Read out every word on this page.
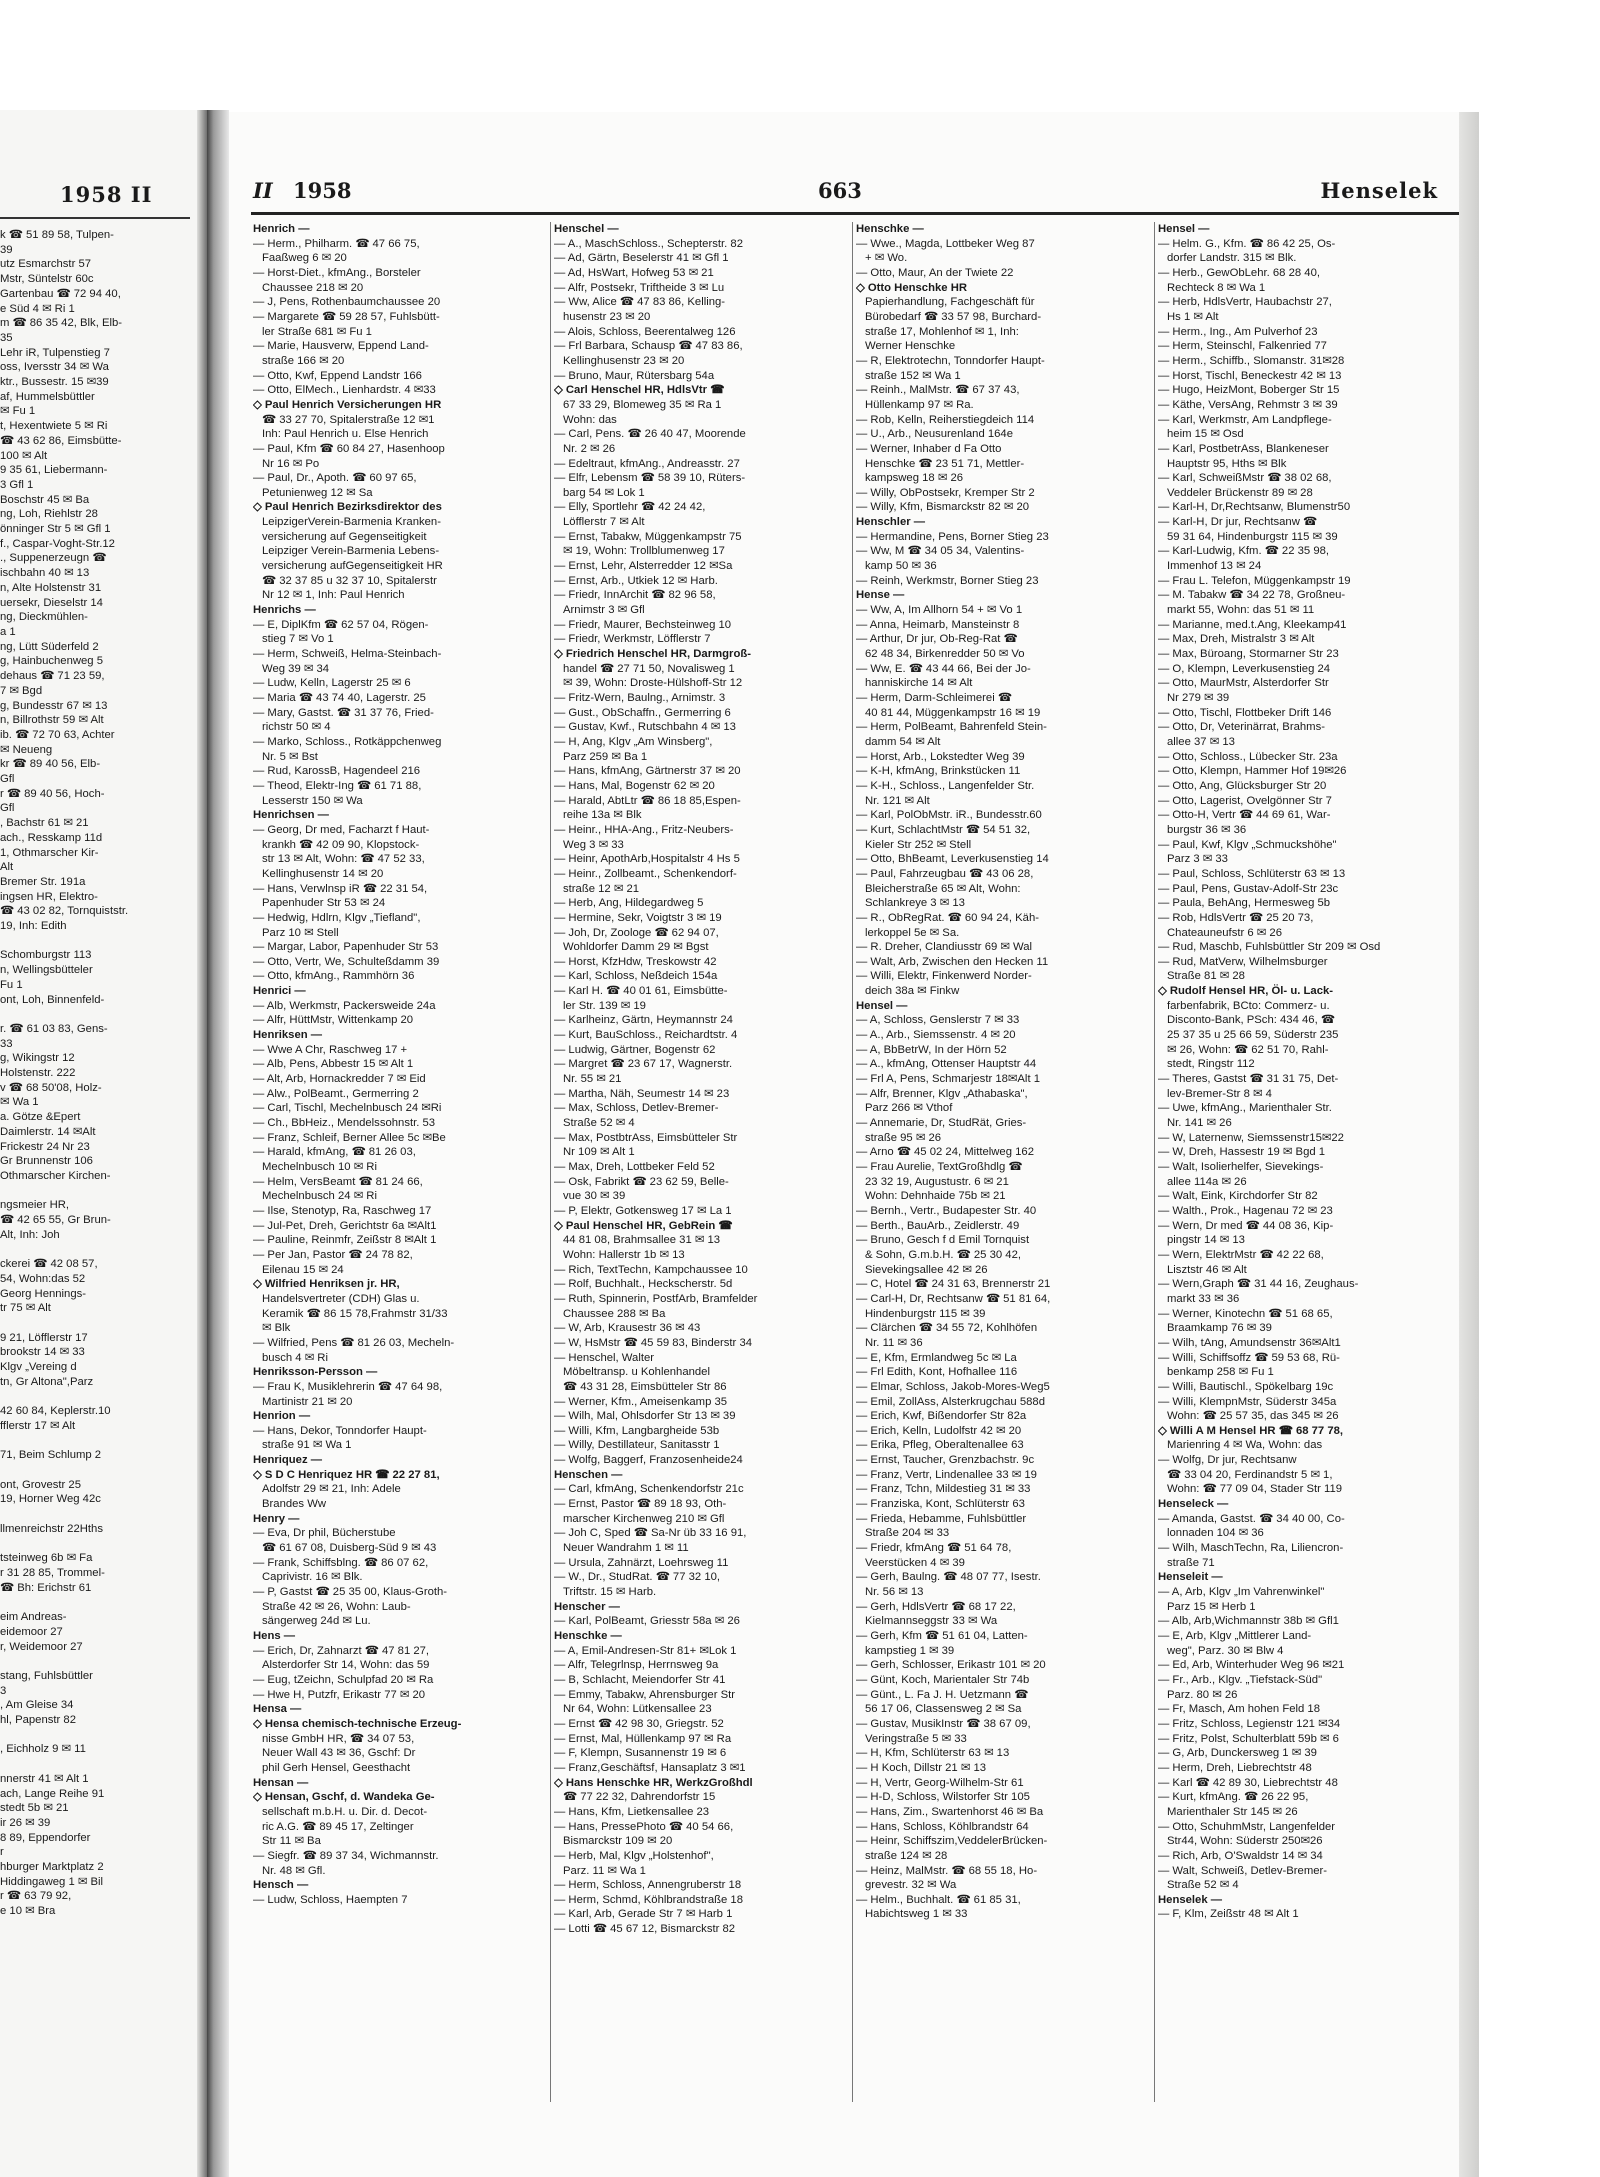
1958 II
k ☎ 51 89 58, Tulpen-
39
utz Esmarchstr 57
Mstr, Süntelstr 60c
Gartenbau ☎ 72 94 40,
e Süd 4 ✉ Ri 1
m ☎ 86 35 42, Blk, Elb-
35
Lehr iR, Tulpenstieg 7
oss, Iversstr 34 ✉ Wa
ktr., Bussestr. 15 ✉39
af, Hummelsbüttler
✉ Fu 1
t, Hexentwiete 5 ✉ Ri
☎ 43 62 86, Eimsbütte-
100 ✉ Alt
9 35 61, Liebermann-
3 Gfl 1
Boschstr 45 ✉ Ba
ng, Loh, Riehlstr 28
önninger Str 5 ✉ Gfl 1
f., Caspar-Voght-Str.12
., Suppenerzeugn ☎
ischbahn 40 ✉ 13
n, Alte Holstenstr 31
uersekr, Dieselstr 14
ng, Dieckmühlen-
a 1
ng, Lütt Süderfeld 2
g, Hainbuchenweg 5
dehaus ☎ 71 23 59,
7 ✉ Bgd
g, Bundesstr 67 ✉ 13
n, Billrothstr 59 ✉ Alt
ib. ☎ 72 70 63, Achter
✉ Neueng
kr ☎ 89 40 56, Elb-
Gfl
r ☎ 89 40 56, Hoch-
Gfl
, Bachstr 61 ✉ 21
ach., Resskamp 11d
1, Othmarscher Kir-
Alt
Bremer Str. 191a
ingsen HR, Elektro-
☎ 43 02 82, Tornquiststr.
19, Inh: Edith

Schomburgstr 113
n, Wellingsbütteler
Fu 1
ont, Loh, Binnenfeld-

r. ☎ 61 03 83, Gens-
33
g, Wikingstr 12
Holstenstr. 222
v ☎ 68 50'08, Holz-
✉ Wa 1
a. Götze &Epert
Daimlerstr. 14 ✉Alt
Frickestr 24 Nr 23
Gr Brunnenstr 106
Othmarscher Kirchen-

ngsmeier HR,
☎ 42 65 55, Gr Brun-
Alt, Inh: Joh

ckerei ☎ 42 08 57,
54, Wohn:das 52
Georg Hennings-
tr 75 ✉ Alt

9 21, Löfflerstr 17
brookstr 14 ✉ 33
Klgv „Vereing d
tn, Gr Altona",Parz

42 60 84, Keplerstr.10
fflerstr 17 ✉ Alt

71, Beim Schlump 2

ont, Grovestr 25
19, Horner Weg 42c

llmenreichstr 22Hths

tsteinweg 6b ✉ Fa
r 31 28 85, Trommel-
☎ Bh: Erichstr 61

eim Andreas-
eidemoor 27
r, Weidemoor 27

stang, Fuhlsbüttler
3
, Am Gleise 34
hl, Papenstr 82

, Eichholz 9 ✉ 11

nnerstr 41 ✉ Alt 1
ach, Lange Reihe 91
stedt 5b ✉ 21
ir 26 ✉ 39
8 89, Eppendorfer
r
hburger Marktplatz 2
Hiddingaweg 1 ✉ Bil
r ☎ 63 79 92,
e 10 ✉ Bra
II 1958	663	Henselek
Henrich —
— Herm., Philharm. ☎ 47 66 75,
Faaßweg 6 ✉ 20
— Horst-Diet., kfmAng., Borsteler
Chaussee 218 ✉ 20
— J, Pens, Rothenbaumchaussee 20
— Margarete ☎ 59 28 57, Fuhlsbütt-
ler Straße 681 ✉ Fu 1
— Marie, Hausverw, Eppend Land-
straße 166 ✉ 20
— Otto, Kwf, Eppend Landstr 166
— Otto, ElMech., Lienhardstr. 4 ✉33
◇ Paul Henrich Versicherungen HR
☎ 33 27 70, Spitalerstraße 12 ✉1
Inh: Paul Henrich u. Else Henrich
— Paul, Kfm ☎ 60 84 27, Hasenhoop
Nr 16 ✉ Po
— Paul, Dr., Apoth. ☎ 60 97 65,
Petunienweg 12 ✉ Sa
◇ Paul Henrich Bezirksdirektor des
LeipzigerVerein-Barmenia Kranken-
versicherung auf Gegenseitigkeit
Leipziger Verein-Barmenia Lebens-
versicherung aufGegenseitigkeit HR
☎ 32 37 85 u 32 37 10, Spitalerstr
Nr 12 ✉ 1, Inh: Paul Henrich
Henrichs —
— E, DiplKfm ☎ 62 57 04, Rögen-
stieg 7 ✉ Vo 1
— Herm, Schweiß, Helma-Steinbach-
Weg 39 ✉ 34
— Ludw, Kelln, Lagerstr 25 ✉ 6
— Maria ☎ 43 74 40, Lagerstr. 25
— Mary, Gastst. ☎ 31 37 76, Fried-
richstr 50 ✉ 4
— Marko, Schloss., Rotkäppchenweg
Nr. 5 ✉ Bst
— Rud, KarossB, Hagendeel 216
— Theod, Elektr-Ing ☎ 61 71 88,
Lesserstr 150 ✉ Wa
Henrichsen —
— Georg, Dr med, Facharzt f Haut-
krankh ☎ 42 09 90, Klopstock-
str 13 ✉ Alt, Wohn: ☎ 47 52 33,
Kellinghusenstr 14 ✉ 20
— Hans, Verwlnsp iR ☎ 22 31 54,
Papenhuder Str 53 ✉ 24
— Hedwig, Hdlrn, Klgv „Tiefland",
Parz 10 ✉ Stell
— Margar, Labor, Papenhuder Str 53
— Otto, Vertr, We, Schulteßdamm 39
— Otto, kfmAng., Rammhörn 36
Henrici —
— Alb, Werkmstr, Packersweide 24a
— Alfr, HüttMstr, Wittenkamp 20
Henriksen —
— Wwe A Chr, Raschweg 17 +
— Alb, Pens, Abbestr 15 ✉ Alt 1
— Alt, Arb, Hornackredder 7 ✉ Eid
— Alw., PolBeamt., Germerring 2
— Carl, Tischl, Mechelnbusch 24 ✉Ri
— Ch., BbHeiz., Mendelssohnstr. 53
— Franz, Schleif, Berner Allee 5c ✉Be
— Harald, kfmAng, ☎ 81 26 03,
Mechelnbusch 10 ✉ Ri
— Helm, VersBeamt ☎ 81 24 66,
Mechelnbusch 24 ✉ Ri
— Ilse, Stenotyp, Ra, Raschweg 17
— Jul-Pet, Dreh, Gerichtstr 6a ✉Alt1
— Pauline, Reinmfr, Zeißstr 8 ✉Alt 1
— Per Jan, Pastor ☎ 24 78 82,
Eilenau 15 ✉ 24
◇ Wilfried Henriksen jr. HR,
Handelsvertreter (CDH) Glas u.
Keramik ☎ 86 15 78,Frahmstr 31/33
✉ Blk
— Wilfried, Pens ☎ 81 26 03, Mecheln-
busch 4 ✉ Ri
Henriksson-Persson —
— Frau K, Musiklehrerin ☎ 47 64 98,
Martinistr 21 ✉ 20
Henrion —
— Hans, Dekor, Tonndorfer Haupt-
straße 91 ✉ Wa 1
Henriquez —
◇ S D C Henriquez HR ☎ 22 27 81,
Adolfstr 29 ✉ 21, Inh: Adele
Brandes Ww
Henry —
— Eva, Dr phil, Bücherstube
☎ 61 67 08, Duisberg-Süd 9 ✉ 43
— Frank, Schiffsblng. ☎ 86 07 62,
Caprivistr. 16 ✉ Blk.
— P, Gastst ☎ 25 35 00, Klaus-Groth-
Straße 42 ✉ 26, Wohn: Laub-
sängerweg 24d ✉ Lu.
Hens —
— Erich, Dr, Zahnarzt ☎ 47 81 27,
Alsterdorfer Str 14, Wohn: das 59
— Eug, tZeichn, Schulpfad 20 ✉ Ra
— Hwe H, Putzfr, Erikastr 77 ✉ 20
Hensa —
◇ Hensa chemisch-technische Erzeug-
nisse GmbH HR, ☎ 34 07 53,
Neuer Wall 43 ✉ 36, Gschf: Dr
phil Gerh Hensel, Geesthacht
Hensan —
◇ Hensan, Gschf, d. Wandeka Ge-
sellschaft m.b.H. u. Dir. d. Decot-
ric A.G. ☎ 89 45 17, Zeltinger
Str 11 ✉ Ba
— Siegfr. ☎ 89 37 34, Wichmannstr.
Nr. 48 ✉ Gfl.
Hensch —
— Ludw, Schloss, Haempten 7
Henschel —
— A., MaschSchloss., Schepterstr. 82
— Ad, Gärtn, Beselerstr 41 ✉ Gfl 1
— Ad, HsWart, Hofweg 53 ✉ 21
— Alfr, Postsekr, Triftheide 3 ✉ Lu
— Ww, Alice ☎ 47 83 86, Kelling-
husenstr 23 ✉ 20
— Alois, Schloss, Beerentalweg 126
— Frl Barbara, Schausp ☎ 47 83 86,
Kellinghusenstr 23 ✉ 20
— Bruno, Maur, Rütersbarg 54a
◇ Carl Henschel HR, HdlsVtr ☎
67 33 29, Blomeweg 35 ✉ Ra 1
Wohn: das
— Carl, Pens. ☎ 26 40 47, Moorende
Nr. 2 ✉ 26
— Edeltraut, kfmAng., Andreasstr. 27
— Elfr, Lebensm ☎ 58 39 10, Rüters-
barg 54 ✉ Lok 1
— Elly, Sportlehr ☎ 42 24 42,
Löfflerstr 7 ✉ Alt
— Ernst, Tabakw, Müggenkampstr 75
✉ 19, Wohn: Trollblumenweg 17
— Ernst, Lehr, Alsterredder 12 ✉Sa
— Ernst, Arb., Utkiek 12 ✉ Harb.
— Friedr, InnArchit ☎ 82 96 58,
Arnimstr 3 ✉ Gfl
— Friedr, Maurer, Bechsteinweg 10
— Friedr, Werkmstr, Löfflerstr 7
◇ Friedrich Henschel HR, Darmgroß-
handel ☎ 27 71 50, Novalisweg 1
✉ 39, Wohn: Droste-Hülshoff-Str 12
— Fritz-Wern, Baulng., Arnimstr. 3
— Gust., ObSchaffn., Germerring 6
— Gustav, Kwf., Rutschbahn 4 ✉ 13
— H, Ang, Klgv „Am Winsberg",
Parz 259 ✉ Ba 1
— Hans, kfmAng, Gärtnerstr 37 ✉ 20
— Hans, Mal, Bogenstr 62 ✉ 20
— Harald, AbtLtr ☎ 86 18 85,Espen-
reihe 13a ✉ Blk
— Heinr., HHA-Ang., Fritz-Neubers-
Weg 3 ✉ 33
— Heinr, ApothArb,Hospitalstr 4 Hs 5
— Heinr., Zollbeamt., Schenkendorf-
straße 12 ✉ 21
— Herb, Ang, Hildegardweg 5
— Hermine, Sekr, Voigtstr 3 ✉ 19
— Joh, Dr, Zoologe ☎ 62 94 07,
Wohldorfer Damm 29 ✉ Bgst
— Horst, KfzHdw, Treskowstr 42
— Karl, Schloss, Neßdeich 154a
— Karl H. ☎ 40 01 61, Eimsbütte-
ler Str. 139 ✉ 19
— Karlheinz, Gärtn, Heymannstr 24
— Kurt, BauSchloss., Reichardtstr. 4
— Ludwig, Gärtner, Bogenstr 62
— Margret ☎ 23 67 17, Wagnerstr.
Nr. 55 ✉ 21
— Martha, Näh, Seumestr 14 ✉ 23
— Max, Schloss, Detlev-Bremer-
Straße 52 ✉ 4
— Max, PostbtrAss, Eimsbütteler Str
Nr 109 ✉ Alt 1
— Max, Dreh, Lottbeker Feld 52
— Osk, Fabrikt ☎ 23 62 59, Belle-
vue 30 ✉ 39
— P, Elektr, Gotkensweg 17 ✉ La 1
◇ Paul Henschel HR, GebRein ☎
44 81 08, Brahmsallee 31 ✉ 13
Wohn: Hallerstr 1b ✉ 13
— Rich, TextTechn, Kampchaussee 10
— Rolf, Buchhalt., Heckscherstr. 5d
— Ruth, Spinnerin, PostfArb, Bramfelder
Chaussee 288 ✉ Ba
— W, Arb, Krausestr 36 ✉ 43
— W, HsMstr ☎ 45 59 83, Binderstr 34
— Henschel, Walter
Möbeltransp. u Kohlenhandel
☎ 43 31 28, Eimsbütteler Str 86
— Werner, Kfm., Ameisenkamp 35
— Wilh, Mal, Ohlsdorfer Str 13 ✉ 39
— Willi, Kfm, Langbargheide 53b
— Willy, Destillateur, Sanitasstr 1
— Wolfg, Baggerf, Franzosenheide24
Henschen —
— Carl, kfmAng, Schenkendorfstr 21c
— Ernst, Pastor ☎ 89 18 93, Oth-
marscher Kirchenweg 210 ✉ Gfl
— Joh C, Sped ☎ Sa-Nr üb 33 16 91,
Neuer Wandrahm 1 ✉ 11
— Ursula, Zahnärzt, Loehrsweg 11
— W., Dr., StudRat. ☎ 77 32 10,
Triftstr. 15 ✉ Harb.
Henscher —
— Karl, PolBeamt, Griesstr 58a ✉ 26
Henschke —
— A, Emil-Andresen-Str 81+ ✉Lok 1
— Alfr, Telegrlnsp, Herrnsweg 9a
— B, Schlacht, Meiendorfer Str 41
— Emmy, Tabakw, Ahrensburger Str
Nr 64, Wohn: Lütkensallee 23
— Ernst ☎ 42 98 30, Griegstr. 52
— Ernst, Mal, Hüllenkamp 97 ✉ Ra
— F, Klempn, Susannenstr 19 ✉ 6
— Franz,Geschäftsf, Hansaplatz 3 ✉1
◇ Hans Henschke HR, WerkzGroßhdl
☎ 77 22 32, Dahrendorfstr 15
— Hans, Kfm, Lietkensallee 23
— Hans, PressePhoto ☎ 40 54 66,
Bismarckstr 109 ✉ 20
— Herb, Mal, Klgv „Holstenhof",
Parz. 11 ✉ Wa 1
— Herm, Schloss, Annengruberstr 18
— Herm, Schmd, Köhlbrandstraße 18
— Karl, Arb, Gerade Str 7 ✉ Harb 1
— Lotti ☎ 45 67 12, Bismarckstr 82
Henschke —
— Wwe., Magda, Lottbeker Weg 87
+ ✉ Wo.
— Otto, Maur, An der Twiete 22
◇ Otto Henschke HR
Papierhandlung, Fachgeschäft für
Bürobedarf ☎ 33 57 98, Burchard-
straße 17, Mohlenhof ✉ 1, Inh:
Werner Henschke
— R, Elektrotechn, Tonndorfer Haupt-
straße 152 ✉ Wa 1
— Reinh., MalMstr. ☎ 67 37 43,
Hüllenkamp 97 ✉ Ra.
— Rob, Kelln, Reiherstiegdeich 114
— U., Arb., Neusurenland 164e
— Werner, Inhaber d Fa Otto
Henschke ☎ 23 51 71, Mettler-
kampsweg 18 ✉ 26
— Willy, ObPostsekr, Kremper Str 2
— Willy, Kfm, Bismarckstr 82 ✉ 20
Henschler —
— Hermandine, Pens, Borner Stieg 23
— Ww, M ☎ 34 05 34, Valentins-
kamp 50 ✉ 36
— Reinh, Werkmstr, Borner Stieg 23
Hense —
— Ww, A, Im Allhorn 54 + ✉ Vo 1
— Anna, Heimarb, Mansteinstr 8
— Arthur, Dr jur, Ob-Reg-Rat ☎
62 48 34, Birkenredder 50 ✉ Vo
— Ww, E. ☎ 43 44 66, Bei der Jo-
hanniskirche 14 ✉ Alt
— Herm, Darm-Schleimerei ☎
40 81 44, Müggenkampstr 16 ✉ 19
— Herm, PolBeamt, Bahrenfeld Stein-
damm 54 ✉ Alt
— Horst, Arb., Lokstedter Weg 39
— K-H, kfmAng, Brinkstücken 11
— K-H., Schloss., Langenfelder Str.
Nr. 121 ✉ Alt
— Karl, PolObMstr. iR., Bundesstr.60
— Kurt, SchlachtMstr ☎ 54 51 32,
Kieler Str 252 ✉ Stell
— Otto, BhBeamt, Leverkusenstieg 14
— Paul, Fahrzeugbau ☎ 43 06 28,
Bleicherstraße 65 ✉ Alt, Wohn:
Schlankreye 3 ✉ 13
— R., ObRegRat. ☎ 60 94 24, Käh-
lerkoppel 5e ✉ Sa.
— R. Dreher, Clandiusstr 69 ✉ Wal
— Walt, Arb, Zwischen den Hecken 11
— Willi, Elektr, Finkenwerd Norder-
deich 38a ✉ Finkw
Hensel —
— A, Schloss, Genslerstr 7 ✉ 33
— A., Arb., Siemssenstr. 4 ✉ 20
— A, BbBetrW, In der Hörn 52
— A., kfmAng, Ottenser Hauptstr 44
— Frl A, Pens, Schmarjestr 18✉Alt 1
— Alfr, Brenner, Klgv „Athabaska",
Parz 266 ✉ Vthof
— Annemarie, Dr, StudRät, Gries-
straße 95 ✉ 26
— Arno ☎ 45 02 24, Mittelweg 162
— Frau Aurelie, TextGroßhdlg ☎
23 32 19, Augustustr. 6 ✉ 21
Wohn: Dehnhaide 75b ✉ 21
— Bernh., Vertr., Budapester Str. 40
— Berth., BauArb., Zeidlerstr. 49
— Bruno, Gesch f d Emil Tornquist
& Sohn, G.m.b.H. ☎ 25 30 42,
Sievekingsallee 42 ✉ 26
— C, Hotel ☎ 24 31 63, Brennerstr 21
— Carl-H, Dr, Rechtsanw ☎ 51 81 64,
Hindenburgstr 115 ✉ 39
— Clärchen ☎ 34 55 72, Kohlhöfen
Nr. 11 ✉ 36
— E, Kfm, Ermlandweg 5c ✉ La
— Frl Edith, Kont, Hofhallee 116
— Elmar, Schloss, Jakob-Mores-Weg5
— Emil, ZollAss, Alsterkrugchau 588d
— Erich, Kwf, Bißendorfer Str 82a
— Erich, Kelln, Ludolfstr 42 ✉ 20
— Erika, Pfleg, Oberaltenallee 63
— Ernst, Taucher, Grenzbachstr. 9c
— Franz, Vertr, Lindenallee 33 ✉ 19
— Franz, Tchn, Mildestieg 31 ✉ 33
— Franziska, Kont, Schlüterstr 63
— Frieda, Hebamme, Fuhlsbüttler
Straße 204 ✉ 33
— Friedr, kfmAng ☎ 51 64 78,
Veerstücken 4 ✉ 39
— Gerh, Baulng. ☎ 48 07 77, Isestr.
Nr. 56 ✉ 13
— Gerh, HdlsVertr ☎ 68 17 22,
Kielmannseggstr 33 ✉ Wa
— Gerh, Kfm ☎ 51 61 04, Latten-
kampstieg 1 ✉ 39
— Gerh, Schlosser, Erikastr 101 ✉ 20
— Günt, Koch, Marientaler Str 74b
— Günt., L. Fa J. H. Uetzmann ☎
56 17 06, Classensweg 2 ✉ Sa
— Gustav, MusikInstr ☎ 38 67 09,
Veringstraße 5 ✉ 33
— H, Kfm, Schlüterstr 63 ✉ 13
— H Koch, Dillstr 21 ✉ 13
— H, Vertr, Georg-Wilhelm-Str 61
— H-D, Schloss, Wilstorfer Str 105
— Hans, Zim., Swartenhorst 46 ✉ Ba
— Hans, Schloss, Köhlbrandstr 64
— Heinr, Schiffszim,VeddelerBrücken-
straße 124 ✉ 28
— Heinz, MalMstr. ☎ 68 55 18, Ho-
grevestr. 32 ✉ Wa
— Helm., Buchhalt. ☎ 61 85 31,
Habichtsweg 1 ✉ 33
Hensel —
— Helm. G., Kfm. ☎ 86 42 25, Os-
dorfer Landstr. 315 ✉ Blk.
— Herb., GewObLehr. 68 28 40,
Rechteck 8 ✉ Wa 1
— Herb, HdlsVertr, Haubachstr 27,
Hs 1 ✉ Alt
— Herm., Ing., Am Pulverhof 23
— Herm, Steinschl, Falkenried 77
— Herm., Schiffb., Slomanstr. 31✉28
— Horst, Tischl, Beneckestr 42 ✉ 13
— Hugo, HeizMont, Boberger Str 15
— Käthe, VersAng, Rehmstr 3 ✉ 39
— Karl, Werkmstr, Am Landpflege-
heim 15 ✉ Osd
— Karl, PostbetrAss, Blankeneser
Hauptstr 95, Hths ✉ Blk
— Karl, SchweißMstr ☎ 38 02 68,
Veddeler Brückenstr 89 ✉ 28
— Karl-H, Dr,Rechtsanw, Blumenstr50
— Karl-H, Dr jur, Rechtsanw ☎
59 31 64, Hindenburgstr 115 ✉ 39
— Karl-Ludwig, Kfm. ☎ 22 35 98,
Immenhof 13 ✉ 24
— Frau L. Telefon, Müggenkampstr 19
— M. Tabakw ☎ 34 22 78, Großneu-
markt 55, Wohn: das 51 ✉ 11
— Marianne, med.t.Ang, Kleekamp41
— Max, Dreh, Mistralstr 3 ✉ Alt
— Max, Büroang, Stormarner Str 23
— O, Klempn, Leverkusenstieg 24
— Otto, MaurMstr, Alsterdorfer Str
Nr 279 ✉ 39
— Otto, Tischl, Flottbeker Drift 146
— Otto, Dr, Veterinärrat, Brahms-
allee 37 ✉ 13
— Otto, Schloss., Lübecker Str. 23a
— Otto, Klempn, Hammer Hof 19✉26
— Otto, Ang, Glücksburger Str 20
— Otto, Lagerist, Ovelgönner Str 7
— Otto-H, Vertr ☎ 44 69 61, War-
burgstr 36 ✉ 36
— Paul, Kwf, Klgv „Schmuckshöhe"
Parz 3 ✉ 33
— Paul, Schloss, Schlüterstr 63 ✉ 13
— Paul, Pens, Gustav-Adolf-Str 23c
— Paula, BehAng, Hermesweg 5b
— Rob, HdlsVertr ☎ 25 20 73,
Chateauneufstr 6 ✉ 26
— Rud, Maschb, Fuhlsbüttler Str 209 ✉ Osd
— Rud, MatVerw, Wilhelmsburger
Straße 81 ✉ 28
◇ Rudolf Hensel HR, Öl- u. Lack-
farbenfabrik, BCto: Commerz- u.
Disconto-Bank, PSch: 434 46, ☎
25 37 35 u 25 66 59, Süderstr 235
✉ 26, Wohn: ☎ 62 51 70, Rahl-
stedt, Ringstr 112
— Theres, Gastst ☎ 31 31 75, Det-
lev-Bremer-Str 8 ✉ 4
— Uwe, kfmAng., Marienthaler Str.
Nr. 141 ✉ 26
— W, Laternenw, Siemssenstr15✉22
— W, Dreh, Hassestr 19 ✉ Bgd 1
— Walt, Isolierhelfer, Sievekings-
allee 114a ✉ 26
— Walt, Eink, Kirchdorfer Str 82
— Walth., Prok., Hagenau 72 ✉ 23
— Wern, Dr med ☎ 44 08 36, Kip-
pingstr 14 ✉ 13
— Wern, ElektrMstr ☎ 42 22 68,
Lisztstr 46 ✉ Alt
— Wern,Graph ☎ 31 44 16, Zeughaus-
markt 33 ✉ 36
— Werner, Kinotechn ☎ 51 68 65,
Braamkamp 76 ✉ 39
— Wilh, tAng, Amundsenstr 36✉Alt1
— Willi, Schiffsoffz ☎ 59 53 68, Rü-
benkamp 258 ✉ Fu 1
— Willi, Bautischl., Spökelbarg 19c
— Willi, KlempnMstr, Süderstr 345a
Wohn: ☎ 25 57 35, das 345 ✉ 26
◇ Willi A M Hensel HR ☎ 68 77 78,
Marienring 4 ✉ Wa, Wohn: das
— Wolfg, Dr jur, Rechtsanw
☎ 33 04 20, Ferdinandstr 5 ✉ 1,
Wohn: ☎ 77 09 04, Stader Str 119
Henseleck —
— Amanda, Gastst. ☎ 34 40 00, Co-
lonnaden 104 ✉ 36
— Wilh, MaschTechn, Ra, Liliencron-
straße 71
Henseleit —
— A, Arb, Klgv „Im Vahrenwinkel"
Parz 15 ✉ Herb 1
— Alb, Arb,Wichmannstr 38b ✉ Gfl1
— E, Arb, Klgv „Mittlerer Land-
weg", Parz. 30 ✉ Blw 4
— Ed, Arb, Winterhuder Weg 96 ✉21
— Fr., Arb., Klgv. „Tiefstack-Süd"
Parz. 80 ✉ 26
— Fr, Masch, Am hohen Feld 18
— Fritz, Schloss, Legienstr 121 ✉34
— Fritz, Polst, Schulterblatt 59b ✉ 6
— G, Arb, Dunckersweg 1 ✉ 39
— Herm, Dreh, Liebrechtstr 48
— Karl ☎ 42 89 30, Liebrechtstr 48
— Kurt, kfmAng. ☎ 26 22 95,
Marienthaler Str 145 ✉ 26
— Otto, SchuhmMstr, Langenfelder
Str44, Wohn: Süderstr 250✉26
— Rich, Arb, O'Swaldstr 14 ✉ 34
— Walt, Schweiß, Detlev-Bremer-
Straße 52 ✉ 4
Henselek —
— F, Klm, Zeißstr 48 ✉ Alt 1
